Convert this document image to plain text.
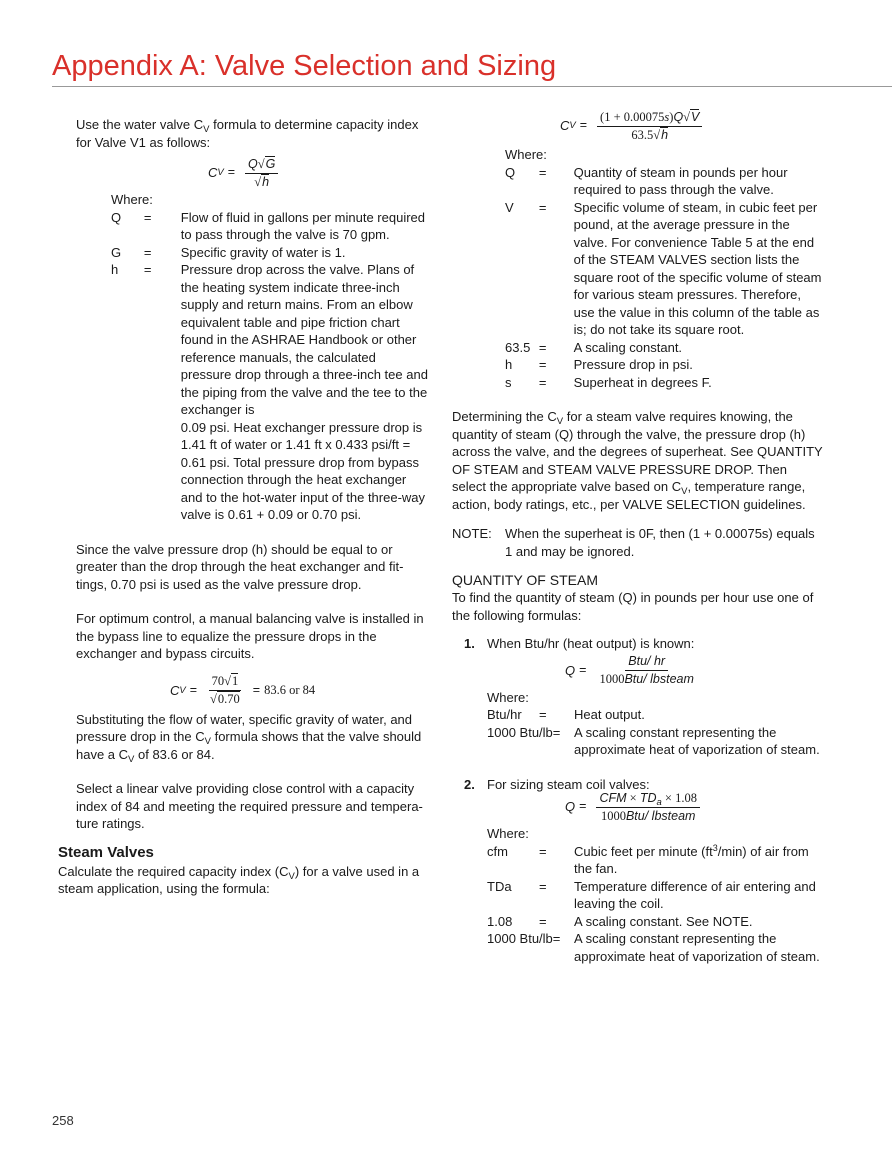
Appendix A: Valve Selection and Sizing
Use the water valve $C_V$ formula to determine capacity index
for Valve V1 as follows:
C $V = \frac{Q√G}{√h}$
Where:
Q	=	Flow of fluid in gallons per minute required to pass through the valve is 70 gpm.
G	=	Specific gravity of water is 1.
h	=	Pressure drop across the valve. Plans of the heating system indicate three-inch supply and return mains. From an elbow equivalent table and pipe friction chart found in the ASHRAE Handbook or other reference manuals, the calculated pressure drop through a three-inch tee and the piping from the valve and the tee to the exchanger is
0.09 psi. Heat exchanger pressure drop is 1.41 ft of water or 1.41 ft x 0.433 psi/ft = 0.61 psi. Total pressure drop from bypass connection through the heat exchanger and to the hot-water input of the three-way valve is 0.61 + 0.09 or 0.70 psi.

Since the valve pressure drop (h) should be equal to or greater than the drop through the heat exchanger and fit-tings, 0.70 psi is used as the valve pressure drop.

For optimum control, a manual balancing valve is installed in the bypass line to equalize the pressure drops in the exchanger and bypass circuits.

C $V = \frac{70√1}{√0.70} = 83.6$ or 84

Substituting the flow of water, specific gravity of water, and pressure drop in the $C_V$ formula shows that the valve should have a $C_V$ of 83.6 or 84.

Select a linear valve providing close control with a capacity index of 84 and meeting the required pressure and tempera-ture ratings.

Steam Valves

Calculate the required capacity index $(C_V)$ for a valve used in a steam application, using the formula:

C $V = \frac{(1 + 0.00075s)Q√V}{63.5√h}$
Where:
Q	=	Quantity of steam in pounds per hour required to pass through the valve.
V	=	Specific volume of steam, in cubic feet per pound, at the average pressure in the valve. For convenience Table 5 at the end of the STEAM VALVES section lists the square root of the specific volume of steam for various steam pressures. Therefore, use the value in this column of the table as is; do not take its square root.
63.5	=	A scaling constant.
h	=	Pressure drop in psi.
s	=	Superheat in degrees F.

Determining the $C_V$ for a steam valve requires knowing, the quantity of steam (Q) through the valve, the pressure drop (h) across the valve, and the degrees of superheat. See QUANTITY OF STEAM and STEAM VALVE PRESSURE DROP. Then select the appropriate valve based on $C_V$, temperature range, action, body ratings, etc., per VALVE SELECTION guidelines.

NOTE:	When the superheat is 0F, then (1 + 0.00075s) equals 1 and may be ignored.
QUANTITY OF STEAM

To find the quantity of steam (Q) in pounds per hour use one of the following formulas:

1. When Btu/hr (heat output) is known:
$Q = \frac{\text{Btu/ hr}}{\text{1000Btu/ lbsteam}}$
Where:
Btu/hr	=	Heat output.
1000 Btu/lb=		A scaling constant representing the approximate heat of vaporization of steam.
2. For sizing steam coil valves:
$Q = \frac{CFM \times TD_a \times 1.08}{\text{1000Btu/ lbsteam}}$
Where:
cfm	=	Cubic feet per minute $(ft^3/\min)$ of air from the fan.
TDa	=	Temperature difference of air entering and leaving the coil.
1.08	=	A scaling constant. See NOTE.
1000 Btu/lb=		A scaling constant representing the approximate heat of vaporization of steam.
258
